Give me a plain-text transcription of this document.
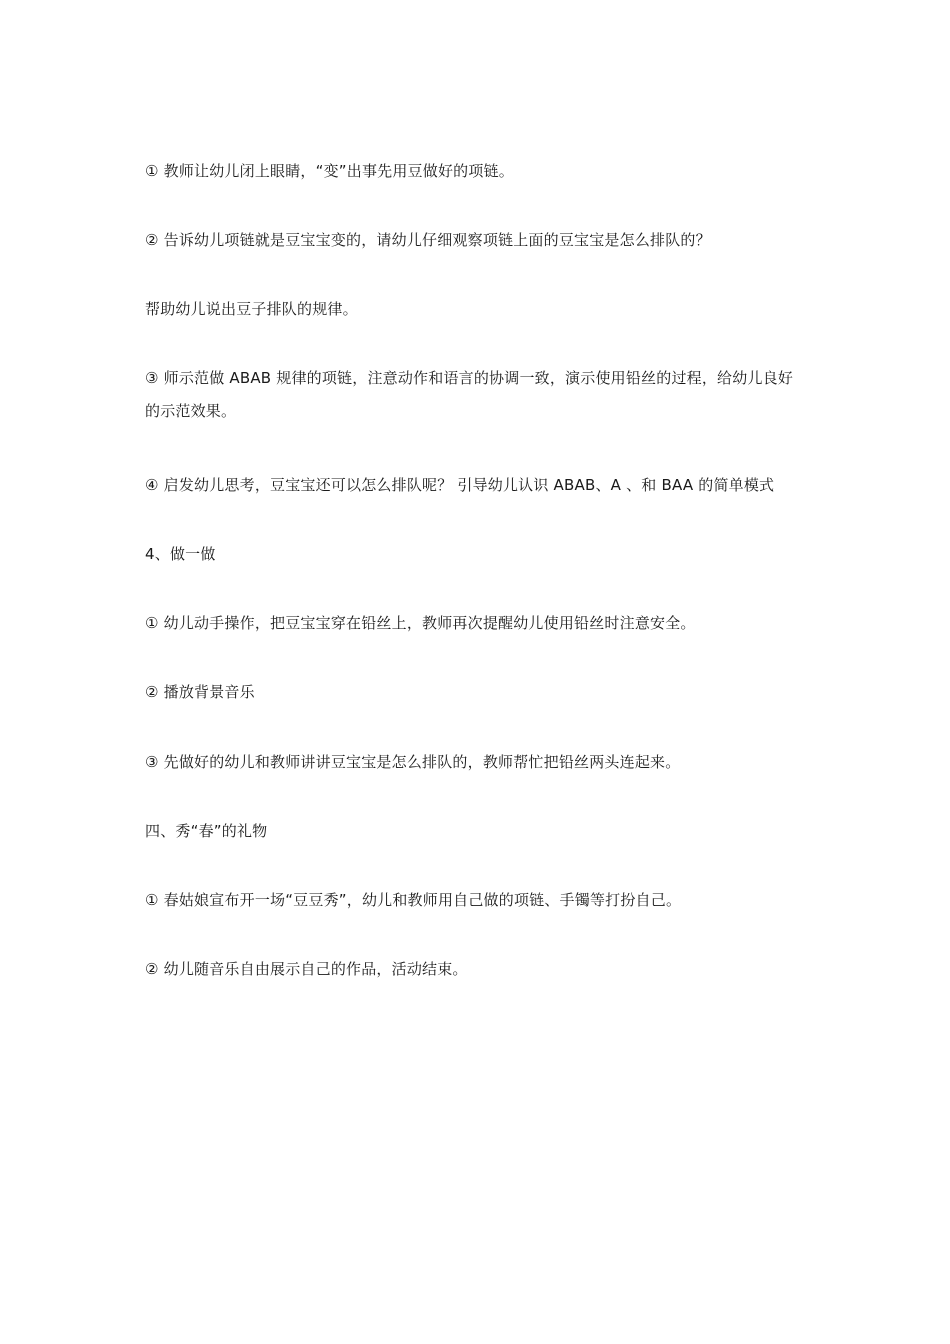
① 教师让幼儿闭上眼睛，“变”出事先用豆做好的项链。
② 告诉幼儿项链就是豆宝宝变的，请幼儿仔细观察项链上面的豆宝宝是怎么排队的？
帮助幼儿说出豆子排队的规律。
③ 师示范做 ABAB 规律的项链，注意动作和语言的协调一致，演示使用铅丝的过程，给幼儿良好
的示范效果。
④ 启发幼儿思考，豆宝宝还可以怎么排队呢？ 引导幼儿认识 ABAB、A 、和 BAA 的简单模式
4、做一做
① 幼儿动手操作，把豆宝宝穿在铅丝上，教师再次提醒幼儿使用铅丝时注意安全。
② 播放背景音乐
③ 先做好的幼儿和教师讲讲豆宝宝是怎么排队的，教师帮忙把铅丝两头连起来。
四、秀“春”的礼物
① 春姑娘宣布开一场“豆豆秀”，幼儿和教师用自己做的项链、手镯等打扮自己。
② 幼儿随音乐自由展示自己的作品，活动结束。
